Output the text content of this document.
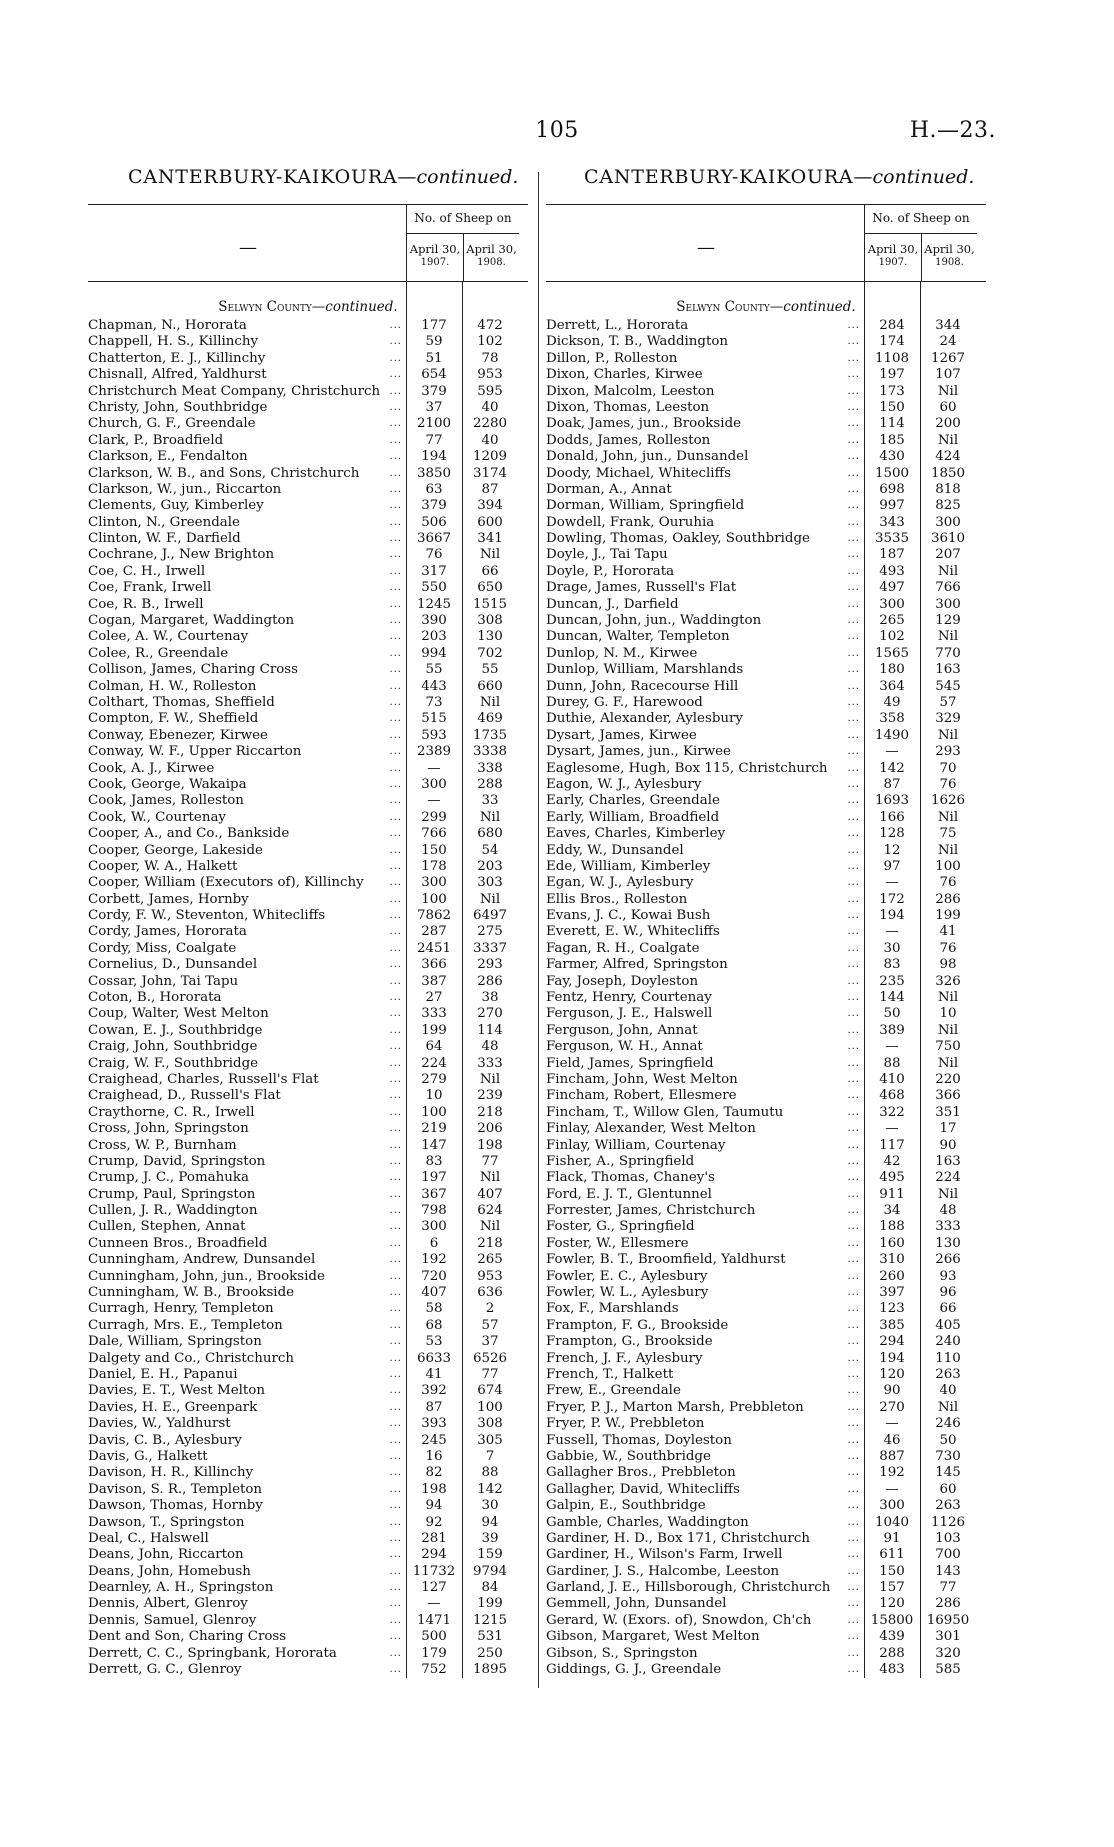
105	H.—23.
CANTERBURY-KAIKOURA—continued.	CANTERBURY-KAIKOURA—continued.
—
No. of Sheep on
April 30,
1907.
April 30,
1908.
Selwyn County—continued.
Chapman, N., Hororata	...	177	472
Chappell, H. S., Killinchy	...	59	102
Chatterton, E. J., Killinchy	...	51	78
Chisnall, Alfred, Yaldhurst	...	654	953
Christchurch Meat Company, Christchurch ...	379	595
Christy, John, Southbridge	...	37	40
Church, G. F., Greendale	...	2100	2280
Clark, P., Broadfield	...	77	40
Clarkson, E., Fendalton	...	194	1209
Clarkson, W. B., and Sons, Christchurch	...	3850	3174
Clarkson, W., jun., Riccarton	...	63	87
Clements, Guy, Kimberley	...	379	394
Clinton, N., Greendale	...	506	600
Clinton, W. F., Darfield	...	3667	341
Cochrane, J., New Brighton	...	76	Nil
Coe, C. H., Irwell	...	317	66
Coe, Frank, Irwell	...	550	650
Coe, R. B., Irwell	...	1245	1515
Cogan, Margaret, Waddington	...	390	308
Colee, A. W., Courtenay	...	203	130
Colee, R., Greendale	...	994	702
Collison, James, Charing Cross	...	55	55
Colman, H. W., Rolleston	...	443	660
Colthart, Thomas, Sheffield	...	73	Nil
Compton, F. W., Sheffield	...	515	469
Conway, Ebenezer, Kirwee	...	593	1735
Conway, W. F., Upper Riccarton	...	2389	3338
Cook, A. J., Kirwee	...	—	338
Cook, George, Wakaipa	...	300	288
Cook, James, Rolleston	...	—	33
Cook, W., Courtenay	...	299	Nil
Cooper, A., and Co., Bankside	...	766	680
Cooper, George, Lakeside	...	150	54
Cooper, W. A., Halkett	...	178	203
Cooper, William (Executors of), Killinchy	...	300	303
Corbett, James, Hornby	...	100	Nil
Cordy, F. W., Steventon, Whitecliffs	...	7862	6497
Cordy, James, Hororata	...	287	275
Cordy, Miss, Coalgate	...	2451	3337
Cornelius, D., Dunsandel	...	366	293
Cossar, John, Tai Tapu	...	387	286
Coton, B., Hororata	...	27	38
Coup, Walter, West Melton	...	333	270
Cowan, E. J., Southbridge	...	199	114
Craig, John, Southbridge	...	64	48
Craig, W. F., Southbridge	...	224	333
Craighead, Charles, Russell's Flat	...	279	Nil
Craighead, D., Russell's Flat	...	10	239
Craythorne, C. R., Irwell	...	100	218
Cross, John, Springston	...	219	206
Cross, W. P., Burnham	...	147	198
Crump, David, Springston	...	83	77
Crump, J. C., Pomahuka	...	197	Nil
Crump, Paul, Springston	...	367	407
Cullen, J. R., Waddington	...	798	624
Cullen, Stephen, Annat	...	300	Nil
Cunneen Bros., Broadfield	...	6	218
Cunningham, Andrew, Dunsandel	...	192	265
Cunningham, John, jun., Brookside	...	720	953
Cunningham, W. B., Brookside	...	407	636
Curragh, Henry, Templeton	...	58	2
Curragh, Mrs. E., Templeton	...	68	57
Dale, William, Springston	...	53	37
Dalgety and Co., Christchurch	...	6633	6526
Daniel, E. H., Papanui	...	41	77
Davies, E. T., West Melton	...	392	674
Davies, H. E., Greenpark	...	87	100
Davies, W., Yaldhurst	...	393	308
Davis, C. B., Aylesbury	...	245	305
Davis, G., Halkett	...	16	7
Davison, H. R., Killinchy	...	82	88
Davison, S. R., Templeton	...	198	142
Dawson, Thomas, Hornby	...	94	30
Dawson, T., Springston	...	92	94
Deal, C., Halswell	...	281	39
Deans, John, Riccarton	...	294	159
Deans, John, Homebush	... 11732	9794
Dearnley, A. H., Springston	...	127	84
Dennis, Albert, Glenroy	...	—	199
Dennis, Samuel, Glenroy	...	1471	1215
Dent and Son, Charing Cross	...	500	531
Derrett, C. C., Springbank, Hororata	...	179	250
Derrett, G. C., Glenroy	...	752	1895
—
No. of Sheep on
April 30,
1907.
April 30,
1908.
Selwyn County—continued.
Derrett, L., Hororata	...	284	344
Dickson, T. B., Waddington	...	174	24
Dillon, P., Rolleston	...	1108	1267
Dixon, Charles, Kirwee	...	197	107
Dixon, Malcolm, Leeston	...	173	Nil
Dixon, Thomas, Leeston	...	150	60
Doak, James, jun., Brookside	...	114	200
Dodds, James, Rolleston	...	185	Nil
Donald, John, jun., Dunsandel	...	430	424
Doody, Michael, Whitecliffs	...	1500	1850
Dorman, A., Annat	...	698	818
Dorman, William, Springfield	...	997	825
Dowdell, Frank, Ouruhia	...	343	300
Dowling, Thomas, Oakley, Southbridge	...	3535	3610
Doyle, J., Tai Tapu	...	187	207
Doyle, P., Hororata	...	493	Nil
Drage, James, Russell's Flat	...	497	766
Duncan, J., Darfield	...	300	300
Duncan, John, jun., Waddington	...	265	129
Duncan, Walter, Templeton	...	102	Nil
Dunlop, N. M., Kirwee	...	1565	770
Dunlop, William, Marshlands	...	180	163
Dunn, John, Racecourse Hill	...	364	545
Durey, G. F., Harewood	...	49	57
Duthie, Alexander, Aylesbury	...	358	329
Dysart, James, Kirwee	...	1490	Nil
Dysart, James, jun., Kirwee	...	—	293
Eaglesome, Hugh, Box 115, Christchurch ...	142	70
Eagon, W. J., Aylesbury	...	87	76
Early, Charles, Greendale	...	1693	1626
Early, William, Broadfield	...	166	Nil
Eaves, Charles, Kimberley	...	128	75
Eddy, W., Dunsandel	...	12	Nil
Ede, William, Kimberley	...	97	100
Egan, W. J., Aylesbury	...	—	76
Ellis Bros., Rolleston	...	172	286
Evans, J. C., Kowai Bush	...	194	199
Everett, E. W., Whitecliffs	...	—	41
Fagan, R. H., Coalgate	...	30	76
Farmer, Alfred, Springston	...	83	98
Fay, Joseph, Doyleston	...	235	326
Fentz, Henry, Courtenay	...	144	Nil
Ferguson, J. E., Halswell	...	50	10
Ferguson, John, Annat	...	389	Nil
Ferguson, W. H., Annat	...	—	750
Field, James, Springfield	...	88	Nil
Fincham, John, West Melton	...	410	220
Fincham, Robert, Ellesmere	...	468	366
Fincham, T., Willow Glen, Taumutu	...	322	351
Finlay, Alexander, West Melton	...	—	17
Finlay, William, Courtenay	...	117	90
Fisher, A., Springfield	...	42	163
Flack, Thomas, Chaney's	...	495	224
Ford, E. J. T., Glentunnel	...	911	Nil
Forrester, James, Christchurch	...	34	48
Foster, G., Springfield	...	188	333
Foster, W., Ellesmere	...	160	130
Fowler, B. T., Broomfield, Yaldhurst	...	310	266
Fowler, E. C., Aylesbury	...	260	93
Fowler, W. L., Aylesbury	...	397	96
Fox, F., Marshlands	...	123	66
Frampton, F. G., Brookside	...	385	405
Frampton, G., Brookside	...	294	240
French, J. F., Aylesbury	...	194	110
French, T., Halkett	...	120	263
Frew, E., Greendale	...	90	40
Fryer, P. J., Marton Marsh, Prebbleton	...	270	Nil
Fryer, P. W., Prebbleton	...	—	246
Fussell, Thomas, Doyleston	...	46	50
Gabbie, W., Southbridge	...	887	730
Gallagher Bros., Prebbleton	...	192	145
Gallagher, David, Whitecliffs	...	—	60
Galpin, E., Southbridge	...	300	263
Gamble, Charles, Waddington	...	1040	1126
Gardiner, H. D., Box 171, Christchurch	...	91	103
Gardiner, H., Wilson's Farm, Irwell	...	611	700
Gardiner, J. S., Halcombe, Leeston	...	150	143
Garland, J. E., Hillsborough, Christchurch ...	157	77
Gemmell, John, Dunsandel	...	120	286
Gerard, W. (Exors. of), Snowdon, Ch'ch	... 15800 16950
Gibson, Margaret, West Melton	...	439	301
Gibson, S., Springston	...	288	320
Giddings, G. J., Greendale	...	483	585
